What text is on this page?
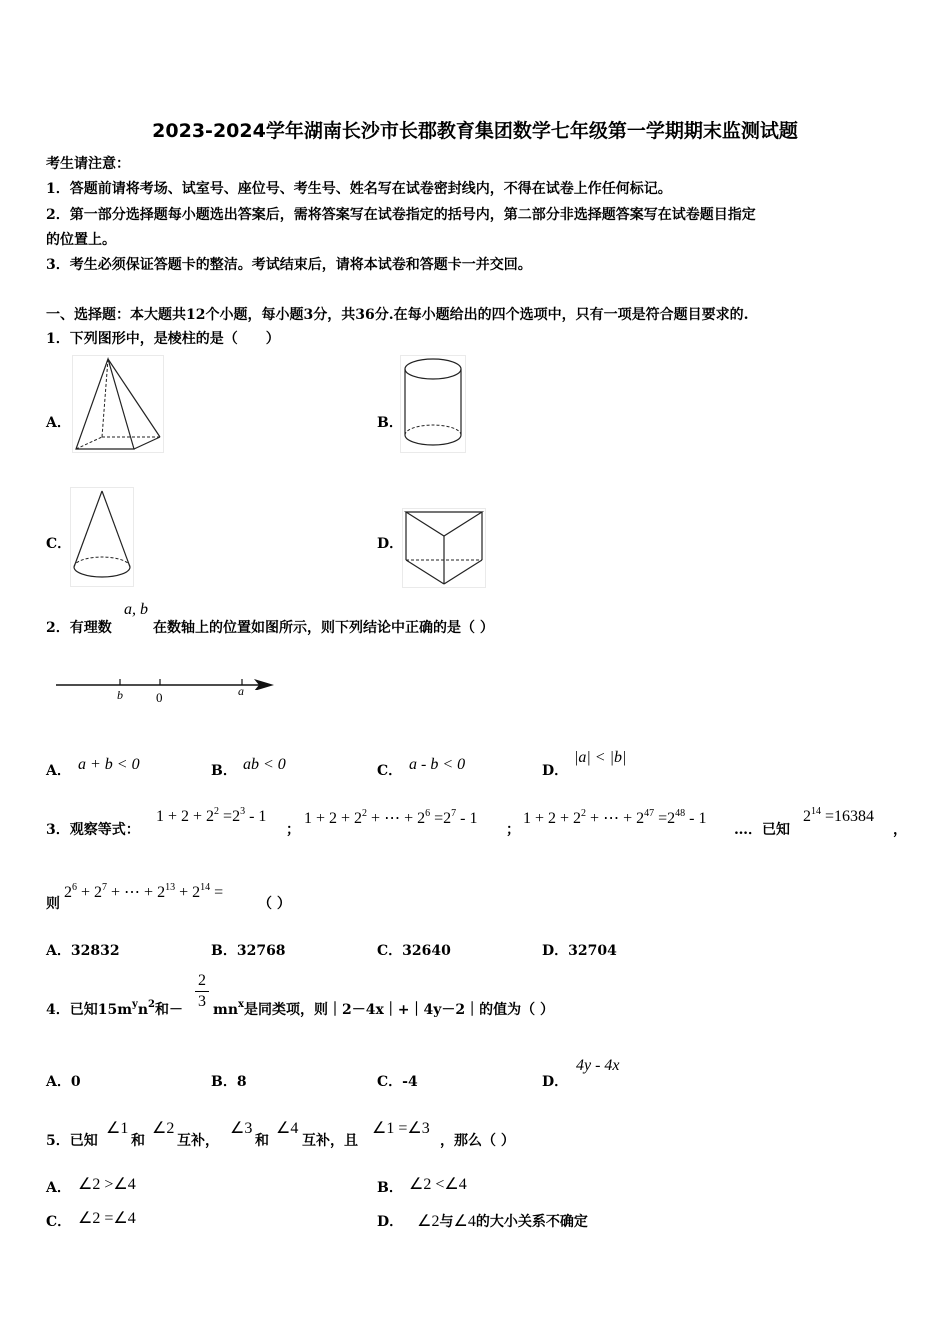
2023-2024学年湖南长沙市长郡教育集团数学七年级第一学期期末监测试题
考生请注意：
1．答题前请将考场、试室号、座位号、考生号、姓名写在试卷密封线内，不得在试卷上作任何标记。
2．第一部分选择题每小题选出答案后，需将答案写在试卷指定的括号内，第二部分非选择题答案写在试卷题目指定
的位置上。
3．考生必须保证答题卡的整洁。考试结束后，请将本试卷和答题卡一并交回。
一、选择题：本大题共12个小题，每小题3分，共36分.在每小题给出的四个选项中，只有一项是符合题目要求的.
1．下列图形中，是棱柱的是（　　）
A．	B．
C．	D．
2．有理数
a, b
在数轴上的位置如图所示，则下列结论中正确的是（ ）
b	0	a
A． a + b < 0	B． ab < 0	C． a - b < 0	D．
|a| < |b|
3．观察等式：
$1 + 2 + 2^2 =2^3 - 1$
；
$1 + 2 + 2^2$ + ⋯ + $2^6 =2^7 - 1$
；
$1 + 2 + 2^2$ + ⋯ + $2^{47} =2^{48} - 1$
…．已知
$2^{14} =16384$
，
则
$2^6 + 2^7$ + ⋯ + $2^{13} + 2^{14}$ =
（ ）
A．32832	B．32768	C．32640	D．32704
4．已知$15m^yn^2$和－ $\frac{2}{3} mn^x$是同类项，则｜2－4x｜+｜4y－2｜的值为（ ）
A．0	B．8	C．-4	D．
4y - 4x
5．已知
∠1
和
∠2
互补，
∠3
和
∠4
互补，且
∠1 =∠3
，那么（ ）
A． ∠2 >∠4	B． ∠2 <∠4
C． ∠2 =∠4	D． ∠2与∠4的大小关系不确定
